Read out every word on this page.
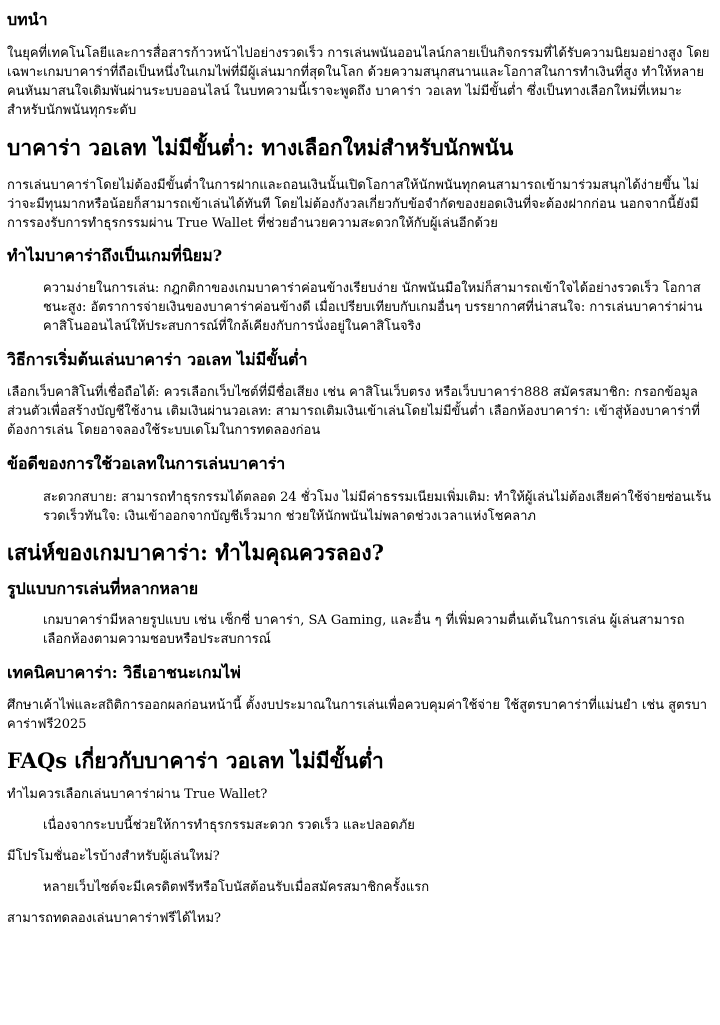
บทนำ

ในยุคที่เทคโนโลยีและการสื่อสารก้าวหน้าไปอย่างรวดเร็ว การเล่นพนันออนไลน์กลายเป็นกิจกรรมที่ได้รับความนิยมอย่างสูง โดยเฉพาะเกมบาคาร่าที่ถือเป็นหนึ่งในเกมไพ่ที่มีผู้เล่นมากที่สุดในโลก ด้วยความสนุกสนานและโอกาสในการทำเงินที่สูง ทำให้หลายคนหันมาสนใจเดิมพันผ่านระบบออนไลน์ ในบทความนี้เราจะพูดถึง บาคาร่า วอเลท ไม่มีขั้นต่ำ ซึ่งเป็นทางเลือกใหม่ที่เหมาะสำหรับนักพนันทุกระดับ

บาคาร่า วอเลท ไม่มีขั้นต่ำ: ทางเลือกใหม่สำหรับนักพนัน

การเล่นบาคาร่าโดยไม่ต้องมีขั้นต่ำในการฝากและถอนเงินนั้นเปิดโอกาสให้นักพนันทุกคนสามารถเข้ามาร่วมสนุกได้ง่ายขึ้น ไม่ว่าจะมีทุนมากหรือน้อยก็สามารถเข้าเล่นได้ทันที โดยไม่ต้องกังวลเกี่ยวกับข้อจำกัดของยอดเงินที่จะต้องฝากก่อน นอกจากนี้ยังมีการรองรับการทำธุรกรรมผ่าน True Wallet ที่ช่วยอำนวยความสะดวกให้กับผู้เล่นอีกด้วย

ทำไมบาคาร่าถึงเป็นเกมที่นิยม?

ความง่ายในการเล่น: กฎกติกาของเกมบาคาร่าค่อนข้างเรียบง่าย นักพนันมือใหม่ก็สามารถเข้าใจได้อย่างรวดเร็ว โอกาสชนะสูง: อัตราการจ่ายเงินของบาคาร่าค่อนข้างดี เมื่อเปรียบเทียบกับเกมอื่นๆ บรรยากาศที่น่าสนใจ: การเล่นบาคาร่าผ่านคาสิโนออนไลน์ให้ประสบการณ์ที่ใกล้เคียงกับการนั่งอยู่ในคาสิโนจริง

วิธีการเริ่มต้นเล่นบาคาร่า วอเลท ไม่มีขั้นต่ำ

เลือกเว็บคาสิโนที่เชื่อถือได้: ควรเลือกเว็บไซต์ที่มีชื่อเสียง เช่น คาสิโนเว็บตรง หรือเว็บบาคาร่า888 สมัครสมาชิก: กรอกข้อมูลส่วนตัวเพื่อสร้างบัญชีใช้งาน เติมเงินผ่านวอเลท: สามารถเติมเงินเข้าเล่นโดยไม่มีขั้นต่ำ เลือกห้องบาคาร่า: เข้าสู่ห้องบาคาร่าที่ต้องการเล่น โดยอาจลองใช้ระบบเดโมในการทดลองก่อน

ข้อดีของการใช้วอเลทในการเล่นบาคาร่า

สะดวกสบาย: สามารถทำธุรกรรมได้ตลอด 24 ชั่วโมง ไม่มีค่าธรรมเนียมเพิ่มเติม: ทำให้ผู้เล่นไม่ต้องเสียค่าใช้จ่ายซ่อนเร้น รวดเร็วทันใจ: เงินเข้าออกจากบัญชีเร็วมาก ช่วยให้นักพนันไม่พลาดช่วงเวลาแห่งโชคลาภ

เสน่ห์ของเกมบาคาร่า: ทำไมคุณควรลอง?
รูปแบบการเล่นที่หลากหลาย

เกมบาคาร่ามีหลายรูปแบบ เช่น เซ็กซี่ บาคาร่า, SA Gaming, และอื่น ๆ ที่เพิ่มความตื่นเต้นในการเล่น ผู้เล่นสามารถเลือกห้องตามความชอบหรือประสบการณ์

เทคนิคบาคาร่า: วิธีเอาชนะเกมไพ่

ศึกษาเค้าไพ่และสถิติการออกผลก่อนหน้านี้ ตั้งงบประมาณในการเล่นเพื่อควบคุมค่าใช้จ่าย ใช้สูตรบาคาร่าที่แม่นยำ เช่น สูตรบาคาร่าฟรี2025

FAQs เกี่ยวกับบาคาร่า วอเลท ไม่มีขั้นต่ำ

ทำไมควรเลือกเล่นบาคาร่าผ่าน True Wallet?

เนื่องจากระบบนี้ช่วยให้การทำธุรกรรมสะดวก รวดเร็ว และปลอดภัย

มีโปรโมชั่นอะไรบ้างสำหรับผู้เล่นใหม่?

หลายเว็บไซต์จะมีเครดิตฟรีหรือโบนัสต้อนรับเมื่อสมัครสมาชิกครั้งแรก

สามารถทดลองเล่นบาคาร่าฟรีได้ไหม?
